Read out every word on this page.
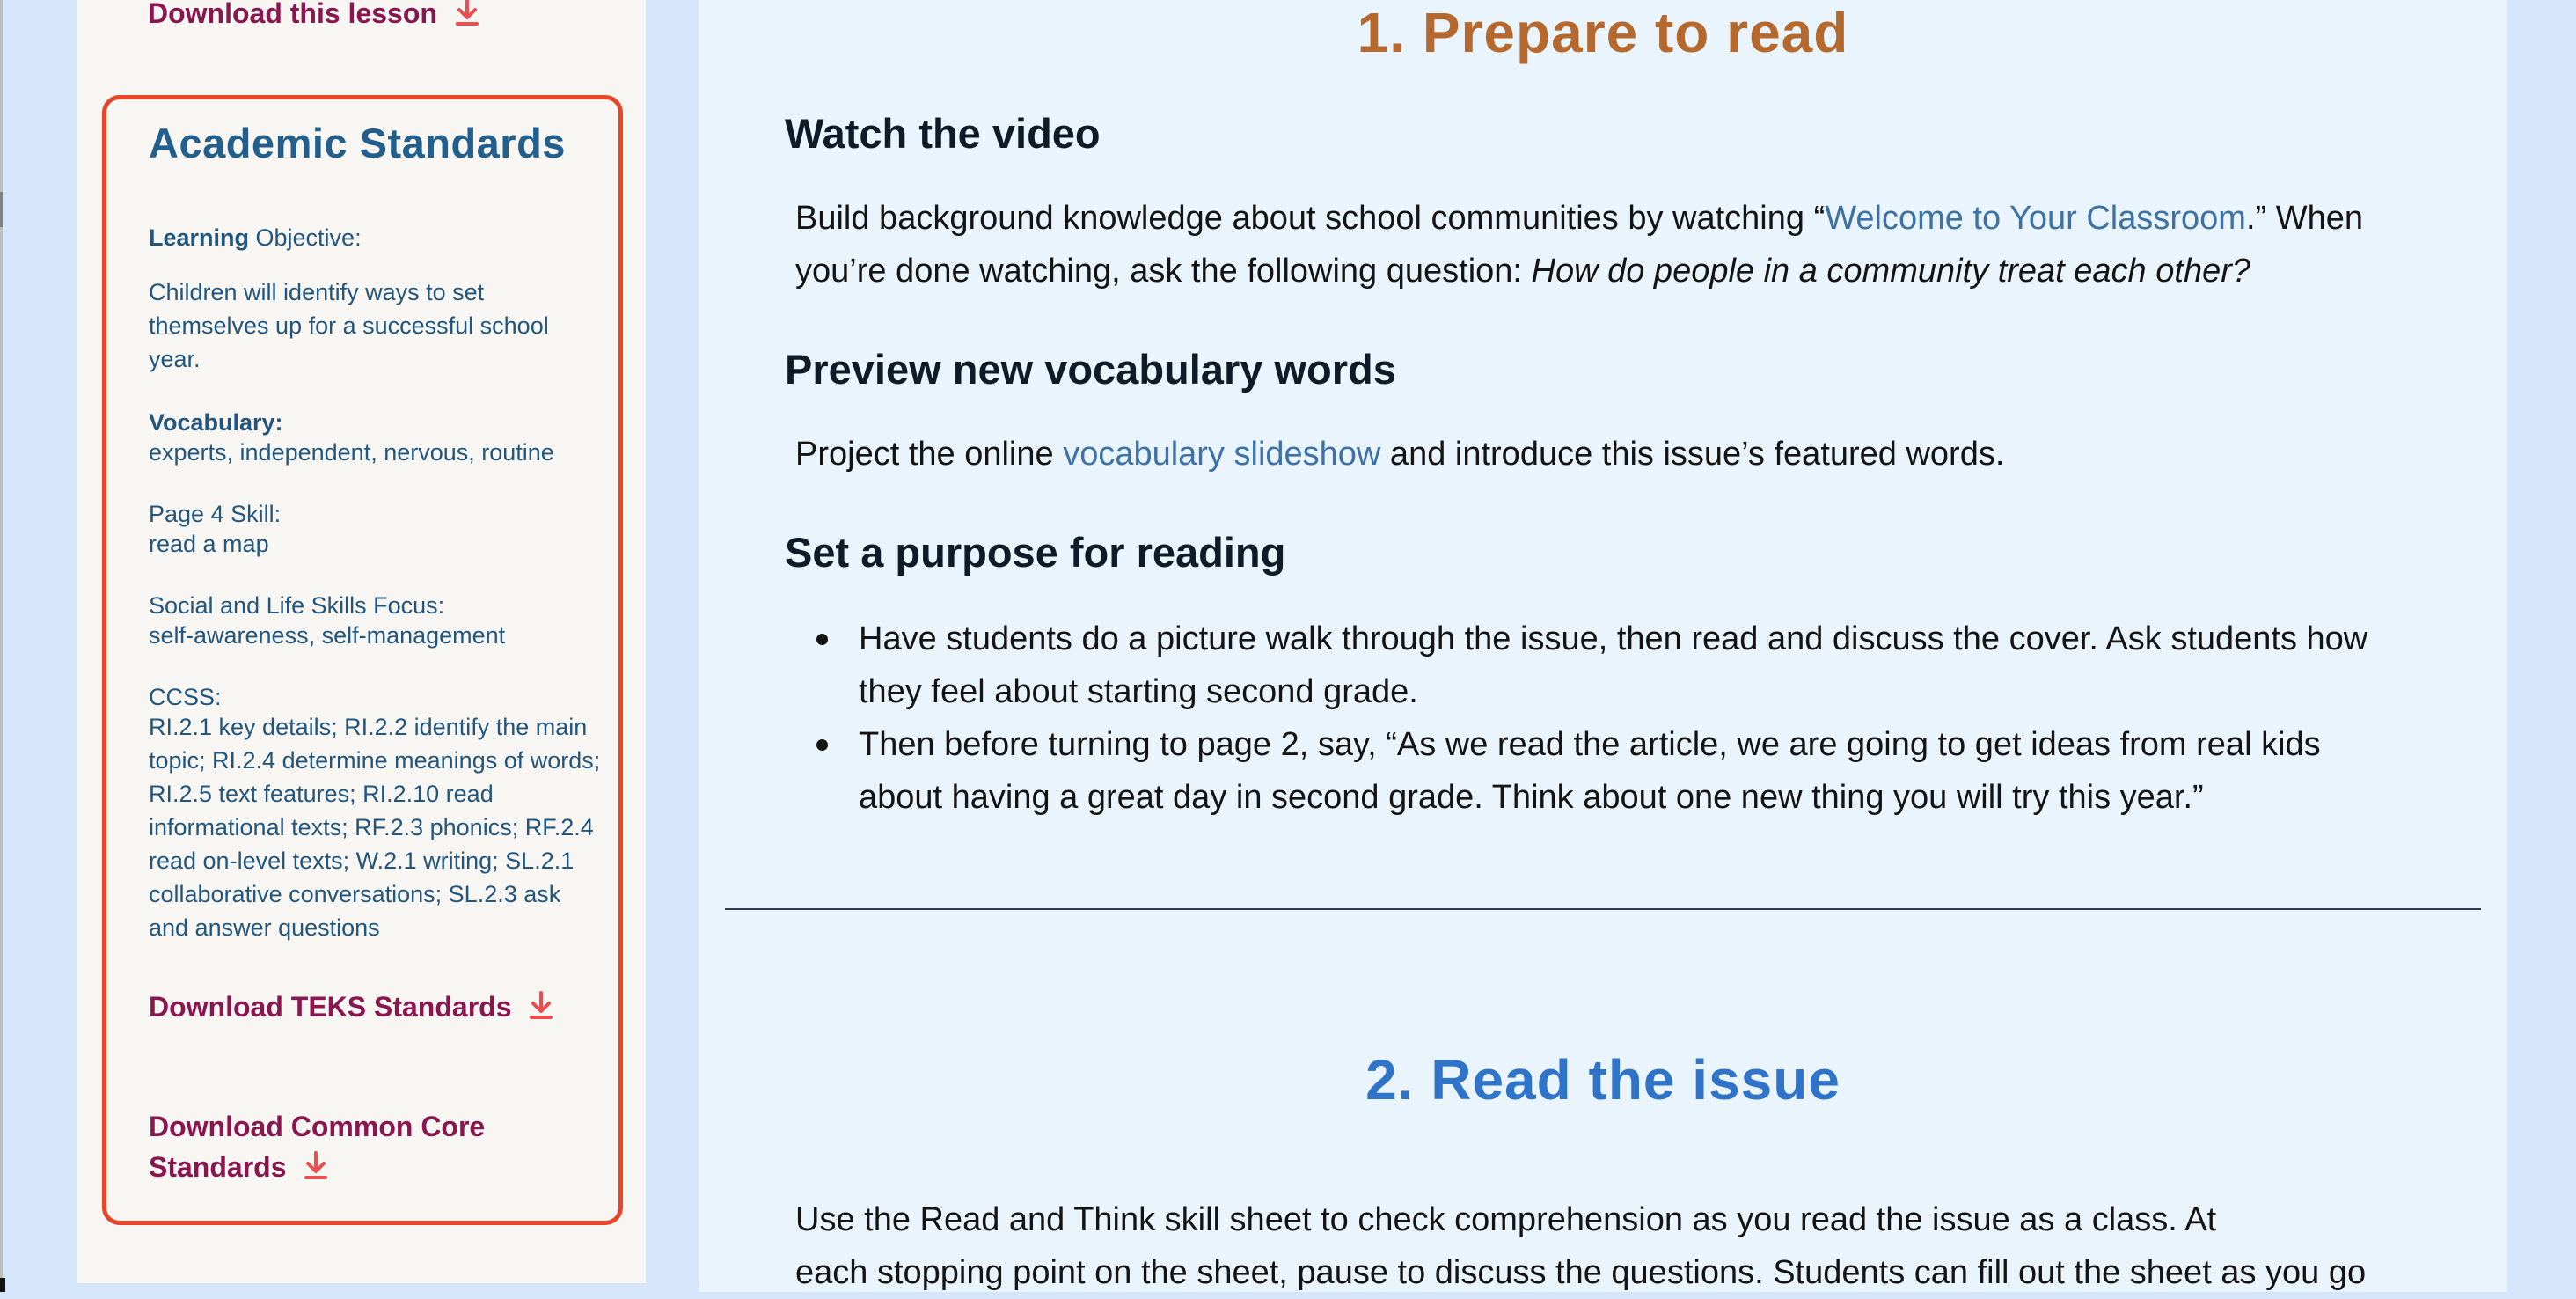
Download this lesson
Academic Standards
Learning Objective:
Children will identify ways to set themselves up for a successful school year.
Vocabulary:
experts, independent, nervous, routine
Page 4 Skill:
read a map
Social and Life Skills Focus:
self-awareness, self-management
CCSS:
RI.2.1 key details; RI.2.2 identify the main topic; RI.2.4 determine meanings of words; RI.2.5 text features; RI.2.10 read informational texts; RF.2.3 phonics; RF.2.4 read on-level texts; W.2.1 writing; SL.2.1 collaborative conversations; SL.2.3 ask and answer questions
Download TEKS Standards
Download Common Core
Standards
1. Prepare to read
Watch the video
Build background knowledge about school communities by watching “Welcome to Your Classroom.” When
you’re done watching, ask the following question: How do people in a community treat each other?
Preview new vocabulary words
Project the online vocabulary slideshow and introduce this issue’s featured words.
Set a purpose for reading
Have students do a picture walk through the issue, then read and discuss the cover. Ask students how
they feel about starting second grade.
Then before turning to page 2, say, “As we read the article, we are going to get ideas from real kids
about having a great day in second grade. Think about one new thing you will try this year.”
2. Read the issue
Use the Read and Think skill sheet to check comprehension as you read the issue as a class. At
each stopping point on the sheet, pause to discuss the questions. Students can fill out the sheet as you go
